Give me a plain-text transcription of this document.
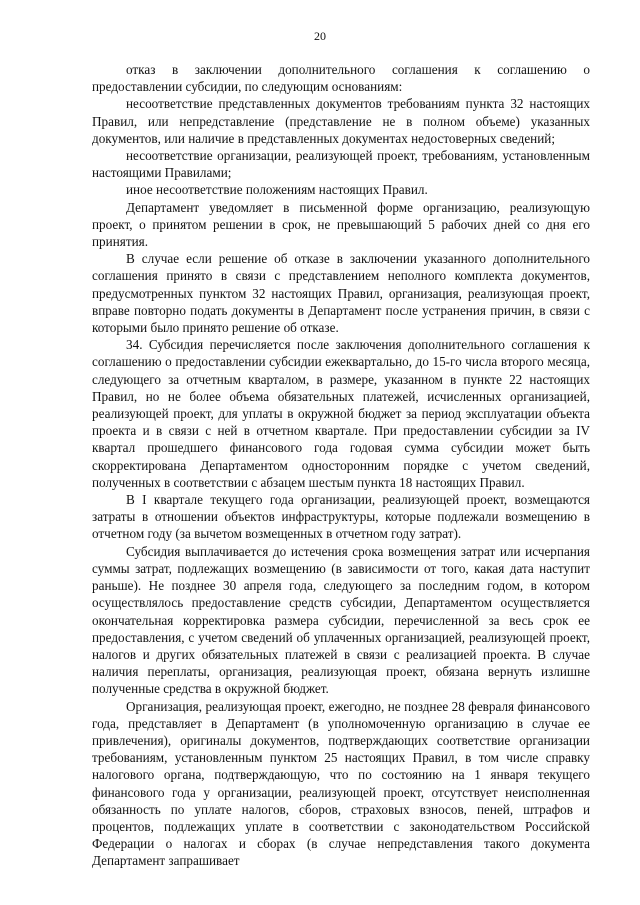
20

отказ в заключении дополнительного соглашения к соглашению о предоставлении субсидии, по следующим основаниям:

несоответствие представленных документов требованиям пункта 32 настоящих Правил, или непредставление (представление не в полном объеме) указанных документов, или наличие в представленных документах недостоверных сведений;

несоответствие организации, реализующей проект, требованиям, установленным настоящими Правилами;

иное несоответствие положениям настоящих Правил.

Департамент уведомляет в письменной форме организацию, реализующую проект, о принятом решении в срок, не превышающий 5 рабочих дней со дня его принятия.

В случае если решение об отказе в заключении указанного дополнительного соглашения принято в связи с представлением неполного комплекта документов, предусмотренных пунктом 32 настоящих Правил, организация, реализующая проект, вправе повторно подать документы в Департамент после устранения причин, в связи с которыми было принято решение об отказе.

34. Субсидия перечисляется после заключения дополнительного соглашения к соглашению о предоставлении субсидии ежеквартально, до 15-го числа второго месяца, следующего за отчетным кварталом, в размере, указанном в пункте 22 настоящих Правил, но не более объема обязательных платежей, исчисленных организацией, реализующей проект, для уплаты в окружной бюджет за период эксплуатации объекта проекта и в связи с ней в отчетном квартале. При предоставлении субсидии за IV квартал прошедшего финансового года годовая сумма субсидии может быть скорректирована Департаментом односторонним порядке с учетом сведений, полученных в соответствии с абзацем шестым пункта 18 настоящих Правил.

В I квартале текущего года организации, реализующей проект, возмещаются затраты в отношении объектов инфраструктуры, которые подлежали возмещению в отчетном году (за вычетом возмещенных в отчетном году затрат).

Субсидия выплачивается до истечения срока возмещения затрат или исчерпания суммы затрат, подлежащих возмещению (в зависимости от того, какая дата наступит раньше). Не позднее 30 апреля года, следующего за последним годом, в котором осуществлялось предоставление средств субсидии, Департаментом осуществляется окончательная корректировка размера субсидии, перечисленной за весь срок ее предоставления, с учетом сведений об уплаченных организацией, реализующей проект, налогов и других обязательных платежей в связи с реализацией проекта. В случае наличия переплаты, организация, реализующая проект, обязана вернуть излишне полученные средства в окружной бюджет.

Организация, реализующая проект, ежегодно, не позднее 28 февраля финансового года, представляет в Департамент (в уполномоченную организацию в случае ее привлечения), оригиналы документов, подтверждающих соответствие организации требованиям, установленным пунктом 25 настоящих Правил, в том числе справку налогового органа, подтверждающую, что по состоянию на 1 января текущего финансового года у организации, реализующей проект, отсутствует неисполненная обязанность по уплате налогов, сборов, страховых взносов, пеней, штрафов и процентов, подлежащих уплате в соответствии с законодательством Российской Федерации о налогах и сборах (в случае непредставления такого документа Департамент запрашивает
